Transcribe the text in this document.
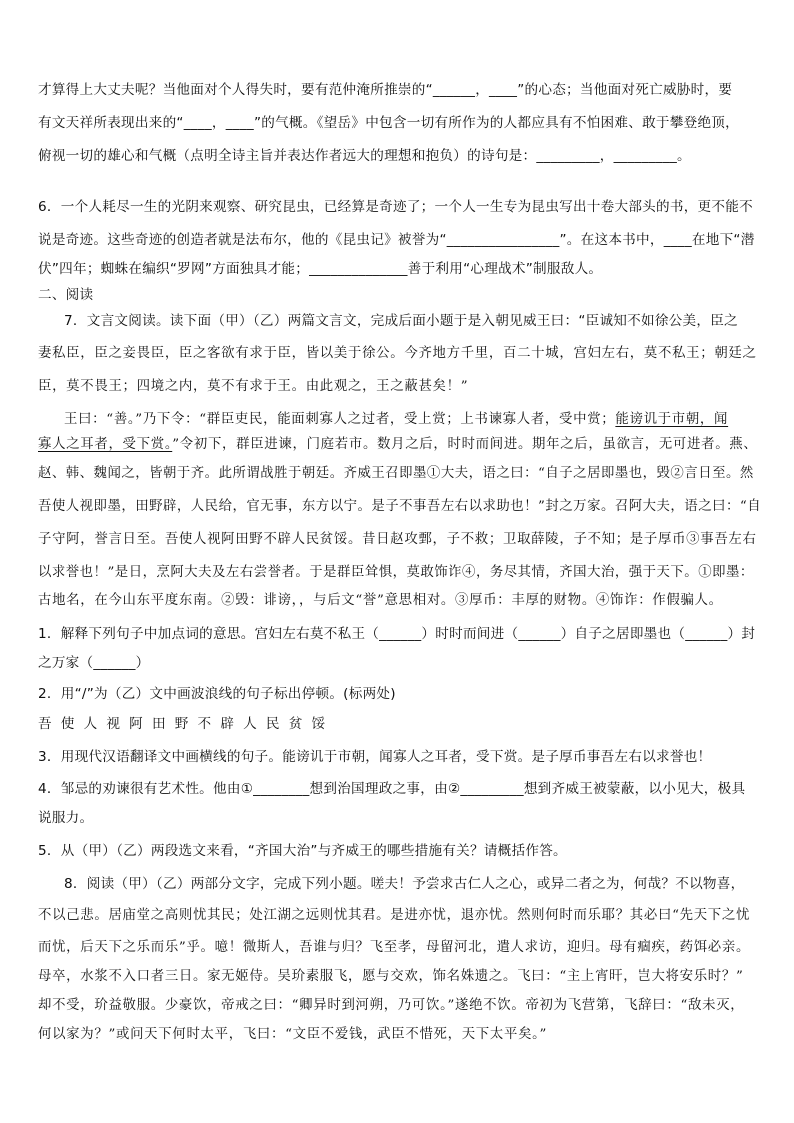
才算得上大丈夫呢？当他面对个人得失时，要有范仲淹所推崇的“______，____”的心态；当他面对死亡威胁时，要
有文天祥所表现出来的“____，____”的气概。《望岳》中包含一切有所作为的人都应具有不怕困难、敢于攀登绝顶，
俯视一切的雄心和气概（点明全诗主旨并表达作者远大的理想和抱负）的诗句是：_________，_________。
6．一个人耗尽一生的光阴来观察、研究昆虫，已经算是奇迹了；一个人一生专为昆虫写出十卷大部头的书，更不能不
说是奇迹。这些奇迹的创造者就是法布尔，他的《昆虫记》被誉为“________________”。在这本书中，____在地下“潜
伏”四年；蜘蛛在编织“罗网”方面独具才能；______________善于利用“心理战术”制服敌人。
二、阅读
7．文言文阅读。读下面（甲）（乙）两篇文言文，完成后面小题于是入朝见威王曰：“臣诚知不如徐公美，臣之
妻私臣，臣之妾畏臣，臣之客欲有求于臣，皆以美于徐公。今齐地方千里，百二十城，宫妇左右，莫不私王；朝廷之
臣，莫不畏王；四境之内，莫不有求于王。由此观之，王之蔽甚矣！”
王曰：“善。”乃下令：“群臣吏民，能面刺寡人之过者，受上赏；上书谏寡人者，受中赏；能谤讥于市朝，闻
寡人之耳者，受下赏。”令初下，群臣进谏，门庭若市。数月之后，时时而间进。期年之后，虽欲言，无可进者。燕、
赵、韩、魏闻之，皆朝于齐。此所谓战胜于朝廷。齐威王召即墨①大夫，语之曰：“自子之居即墨也，毁②言日至。然
吾使人视即墨，田野辟，人民给，官无事，东方以宁。是子不事吾左右以求助也！”封之万家。召阿大夫，语之曰：“自
子守阿，誉言日至。吾使人视阿田野不辟人民贫馁。昔日赵攻鄄，子不救；卫取薛陵，子不知；是子厚币③事吾左右
以求誉也！”是日，烹阿大夫及左右尝誉者。于是群臣耸惧，莫敢饰诈④，务尽其情，齐国大治，强于天下。①即墨：
古地名，在今山东平度东南。②毁：诽谤，，与后文“誉”意思相对。③厚币：丰厚的财物。④饰诈：作假骗人。
1．解释下列句子中加点词的意思。宫妇左右莫不私王（______）时时而间进（______）自子之居即墨也（______）封
之万家（______）
2．用“/”为（乙）文中画波浪线的句子标出停顿。(标两处)
吾使人视阿田野不辟人民贫馁
3．用现代汉语翻译文中画横线的句子。能谤讥于市朝，闻寡人之耳者，受下赏。是子厚币事吾左右以求誉也！
4．邹忌的劝谏很有艺术性。他由①________想到治国理政之事，由②_________想到齐威王被蒙蔽，以小见大，极具
说服力。
5．从（甲）（乙）两段选文来看，“齐国大治”与齐威王的哪些措施有关？请概括作答。
8．阅读（甲）（乙）两部分文字，完成下列小题。嗟夫！予尝求古仁人之心，或异二者之为，何哉？不以物喜，
不以己悲。居庙堂之高则忧其民；处江湖之远则忧其君。是进亦忧，退亦忧。然则何时而乐耶？其必曰“先天下之忧
而忧，后天下之乐而乐”乎。噫！微斯人，吾谁与归？飞至孝，母留河北，遣人求访，迎归。母有痼疾，药饵必亲。
母卒，水浆不入口者三日。家无姬侍。吴玠素服飞，愿与交欢，饰名姝遗之。飞曰：“主上宵旰，岂大将安乐时？”
却不受，玠益敬服。少豪饮，帝戒之曰：“卿异时到河朔，乃可饮。”遂绝不饮。帝初为飞营第，飞辞曰：“敌未灭，
何以家为？”或问天下何时太平，飞曰：“文臣不爱钱，武臣不惜死，天下太平矣。”
